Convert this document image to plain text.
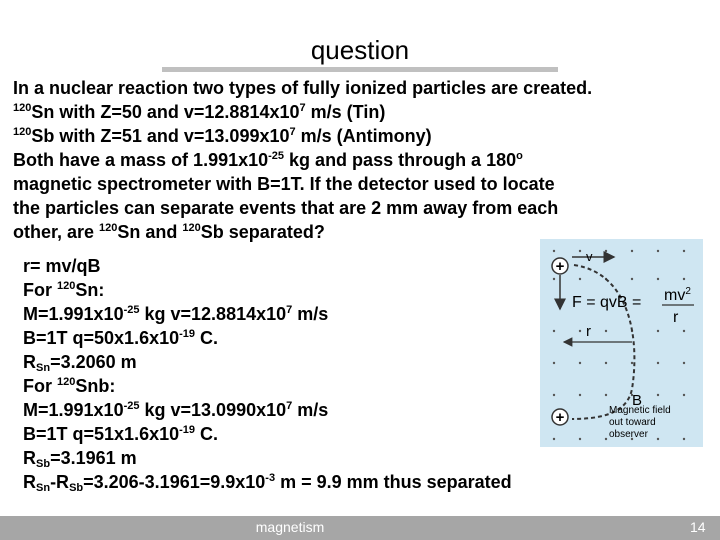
question
In a nuclear reaction two types of fully ionized particles are created.
$^{120}$Sn with Z=50 and $v=12.8814x10^7$ m/s (Tin)
$^{120}$Sb with Z=51 and $v=13.099x10^7$ m/s (Antimony)
Both have a mass of $1.991x10^{-25}$ kg and pass through a 180$^o$
magnetic spectrometer with B=1T. If the detector used to locate
the particles can separate events that are 2 mm away from each
other, are $^{120}$Sn and $^{120}$Sb separated?
r= mv/qB
For $^{120}$Sn:
$M=1.991x10^{-25}$ kg $v=12.8814x10^7$ m/s
B=1T $q=50x1.6x10^{-19}$ C.
$R_{Sn}=3.2060$ m
For $^{120}$Snb:
$M=1.991x10^{-25}$ kg $v=13.0990x10^7$ m/s
B=1T $q=51x1.6x10^{-19}$ C.
$R_{Sb}=3.1961$ m
$R_{Sn}-R_{Sb}=3.206-3.1961=9.9x10^{-3}$ m = 9.9 mm thus separated
+
+
v
F = qvB = $mv^2$
r
r
B
Magnetic field
out toward
observer
magnetism	14
